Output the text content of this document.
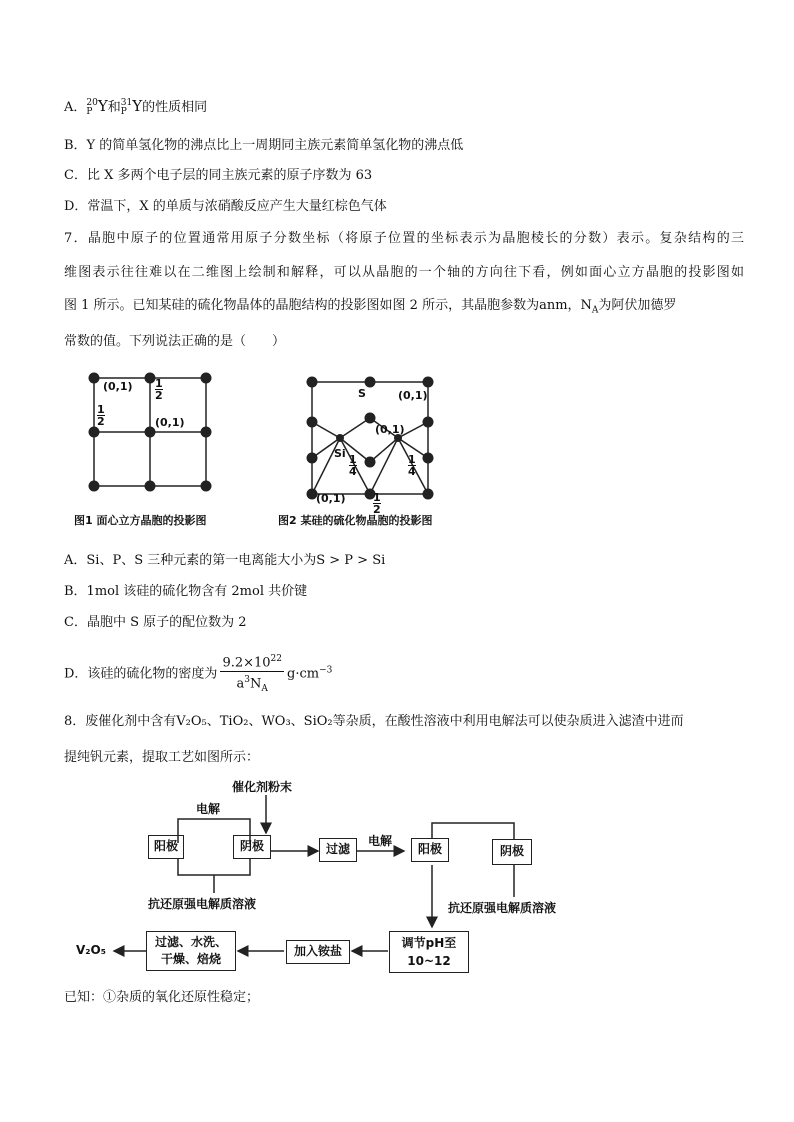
A． 20
P Y和 31
P Y的性质相同
B．Y 的简单氢化物的沸点比上一周期同主族元素简单氢化物的沸点低
C．比 X 多两个电子层的同主族元素的原子序数为 63
D．常温下，X 的单质与浓硝酸反应产生大量红棕色气体
7．晶胞中原子的位置通常用原子分数坐标（将原子位置的坐标表示为晶胞棱长的分数）表示。复杂结构的三
维图表示往往难以在二维图上绘制和解释，可以从晶胞的一个轴的方向往下看，例如面心立方晶胞的投影图如
图 1 所示。已知某硅的硫化物晶体的晶胞结构的投影图如图 2 所示，其晶胞参数为anm，$N_A$为阿伏加德罗
常数的值。下列说法正确的是（　　）
$(0,1) \frac{1}{2}$
$\frac{1}{2}$	(0,1)
图1 面心立方晶胞的投影图
S	(0,1)
(0,1)
Si
$\frac{1}{4}$	$\frac{1}{4}$
$(0,1) \frac{1}{2}$
图2 某硅的硫化物晶胞的投影图
A．Si、P、S 三种元素的第一电离能大小为S > P > Si
B．1mol 该硅的硫化物含有 2mol 共价键
C．晶胞中 S 原子的配位数为 2
D．该硅的硫化物的密度为 $\frac{9.2\times 10^{22}}{a^3N_A} g\cdot cm^{-3}$
8．废催化剂中含有V₂O₅、TiO₂、WO₃、SiO₂等杂质，在酸性溶液中利用电解法可以使杂质进入滤渣中进而
提纯钒元素，提取工艺如图所示：
催化剂粉末
电解
阳极	阴极
抗还原强电解质溶液
过滤
电解
阳极	阴极
抗还原强电解质溶液
调节pH至
10~12
加入铵盐
过滤、水洗、
干燥、焙烧
V₂O₅
已知：①杂质的氧化还原性稳定；
